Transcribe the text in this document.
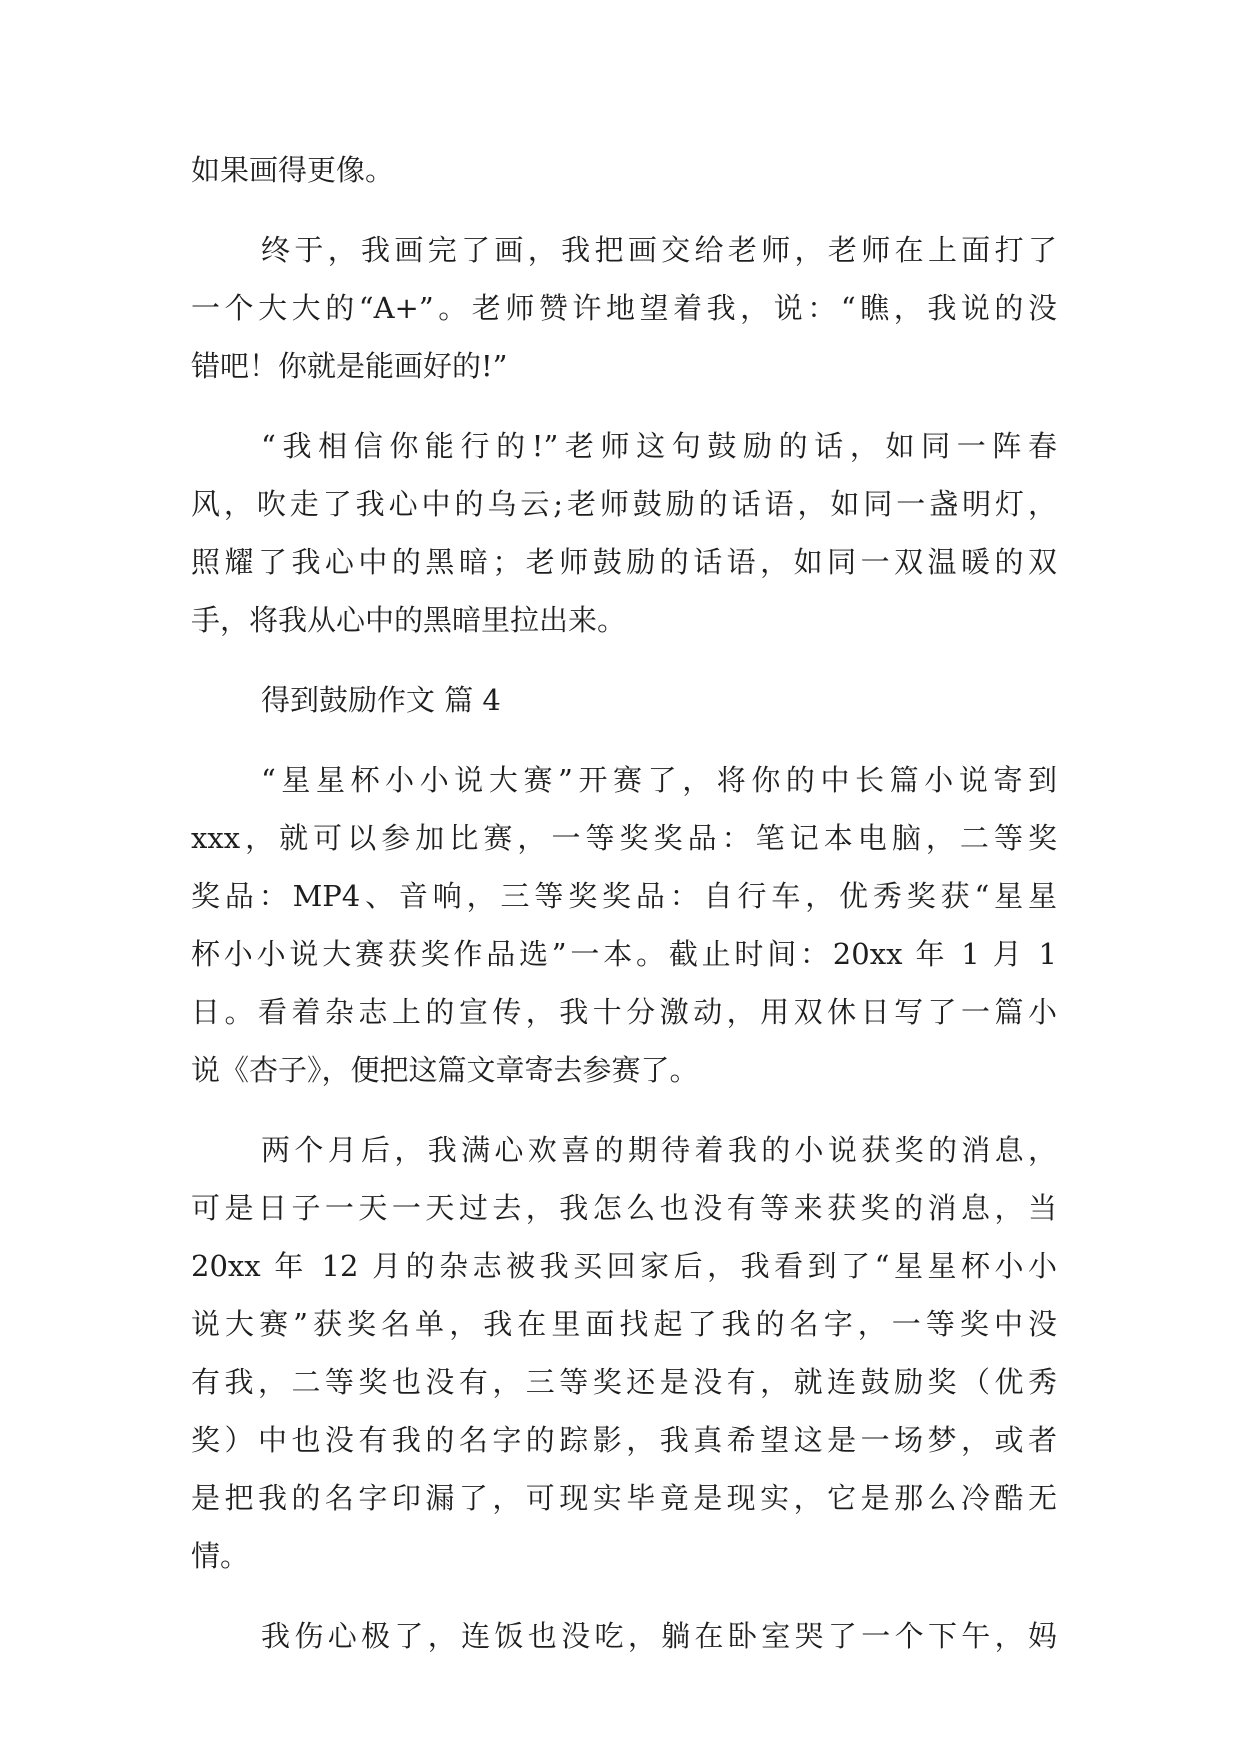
如果画得更像。
终于，我画完了画，我把画交给老师，老师在上面打了
一个大大的“A+”。老师赞许地望着我，说：“瞧，我说的没
错吧！你就是能画好的!”
“我相信你能行的!”老师这句鼓励的话，如同一阵春
风，吹走了我心中的乌云;老师鼓励的话语，如同一盏明灯，
照耀了我心中的黑暗；老师鼓励的话语，如同一双温暖的双
手，将我从心中的黑暗里拉出来。
得到鼓励作文 篇 4
“星星杯小小说大赛”开赛了，将你的中长篇小说寄到
xxx，就可以参加比赛，一等奖奖品：笔记本电脑，二等奖
奖品：MP4、音响，三等奖奖品：自行车，优秀奖获“星星
杯小小说大赛获奖作品选”一本。截止时间：20xx 年 1 月 1
日。看着杂志上的宣传，我十分激动，用双休日写了一篇小
说《杏子》，便把这篇文章寄去参赛了。
两个月后，我满心欢喜的期待着我的小说获奖的消息，
可是日子一天一天过去，我怎么也没有等来获奖的消息，当
20xx 年 12 月的杂志被我买回家后，我看到了“星星杯小小
说大赛”获奖名单，我在里面找起了我的名字，一等奖中没
有我，二等奖也没有，三等奖还是没有，就连鼓励奖（优秀
奖）中也没有我的名字的踪影，我真希望这是一场梦，或者
是把我的名字印漏了，可现实毕竟是现实，它是那么冷酷无
情。
我伤心极了，连饭也没吃，躺在卧室哭了一个下午，妈
